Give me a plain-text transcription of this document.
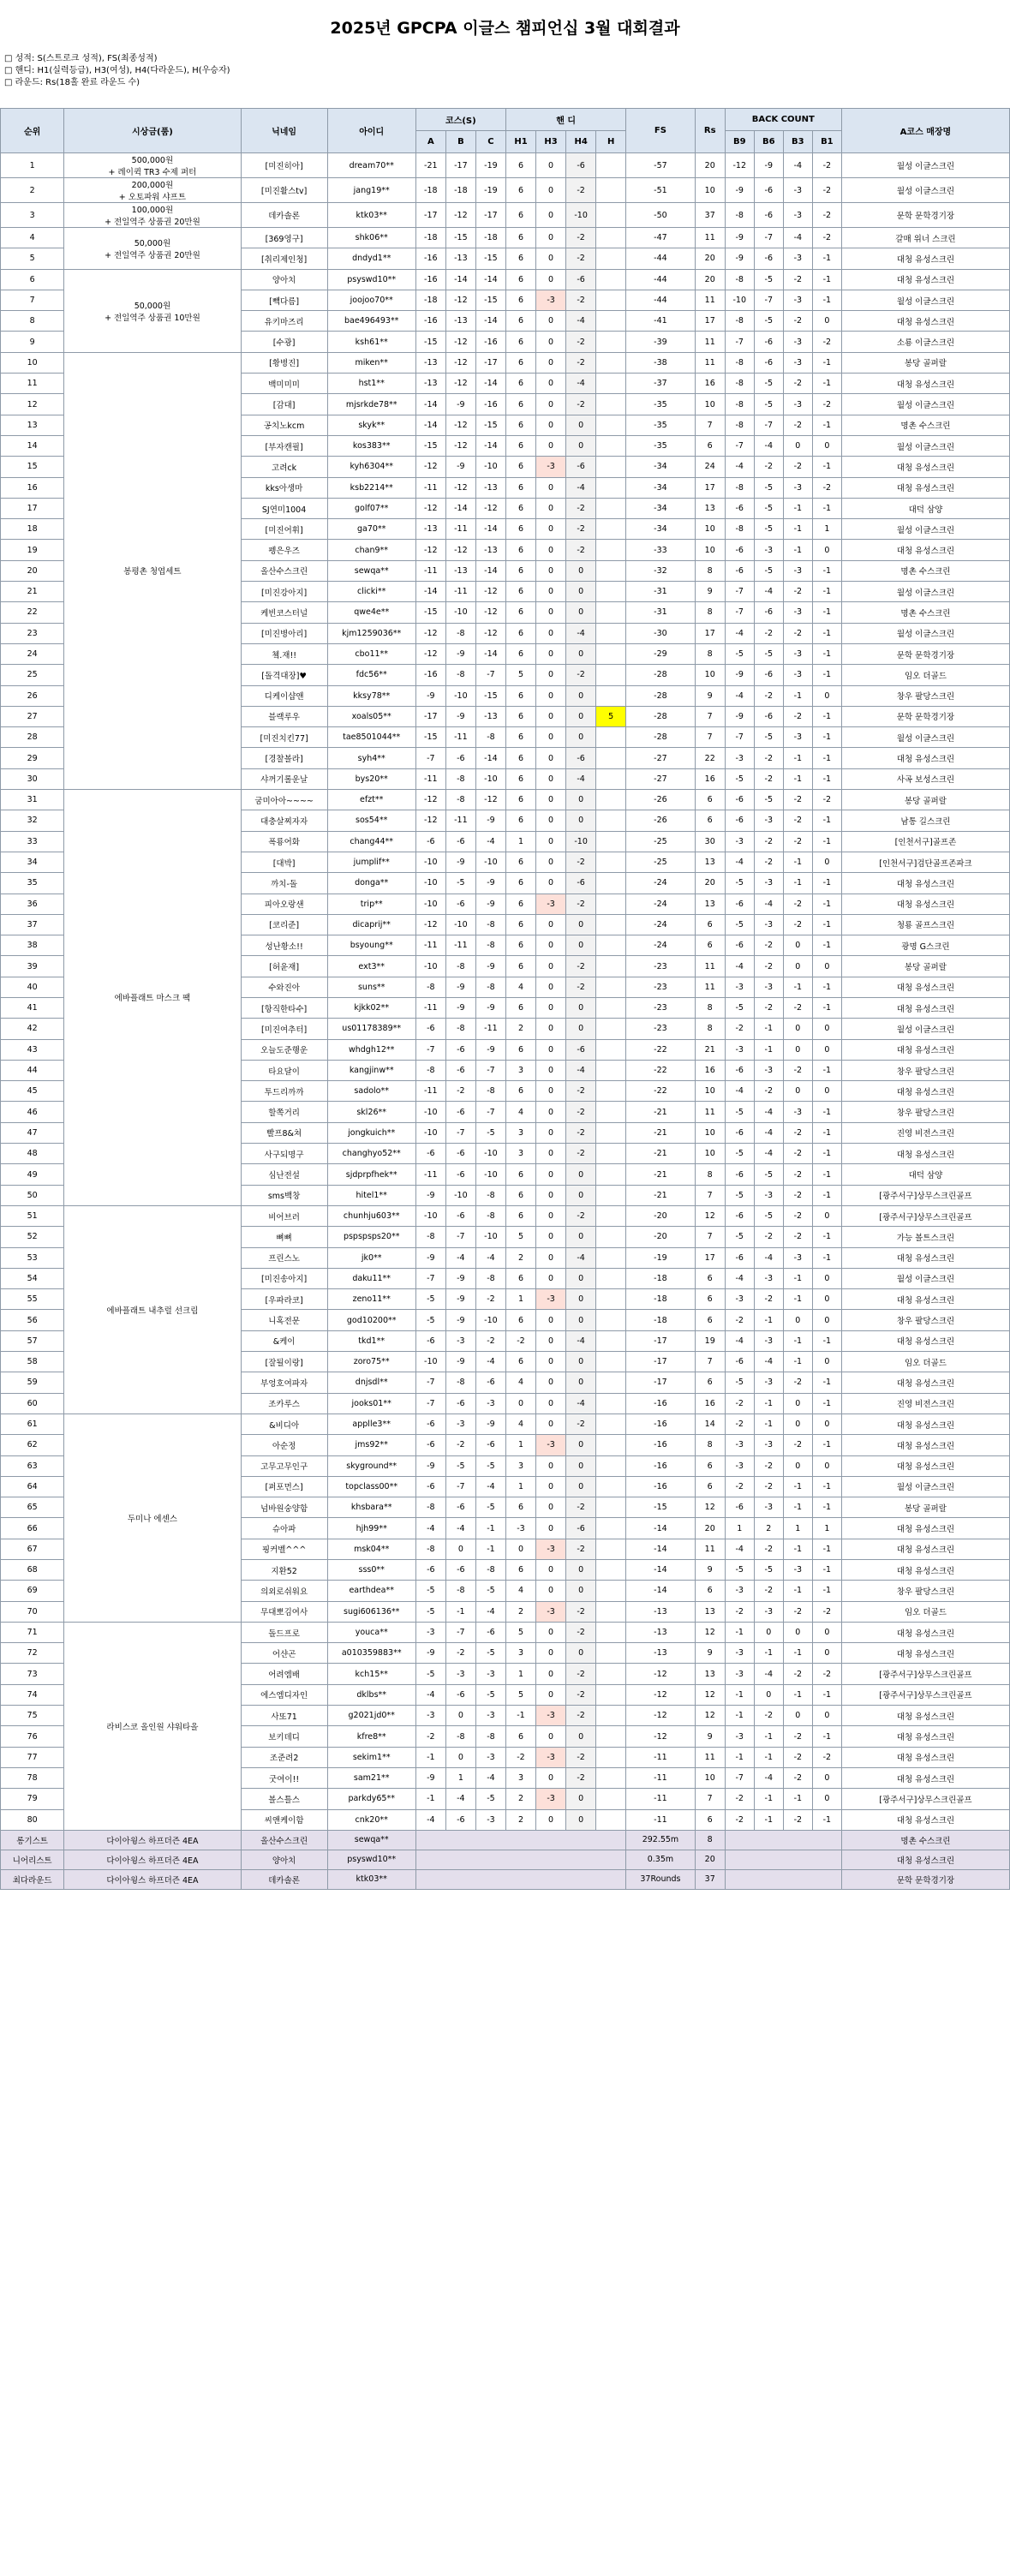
2025년 GPCPA 이글스 챔피언십 3월 대회결과
□ 성적: S(스트로크 성적), FS(최종성적)
□ 핸디: H1(실력등급), H3(여성), H4(다라운드), H(우승자)
□ 라운드: Rs(18홀 완료 라운드 수)
순위	시상금(품)	닉네임	아이디	코스(S)			핸 디				FS	Rs	BACK COUNT				A코스 매장명
				A	B	C	H1	H3	H4	H			B9	B6	B3	B1	
1	500,000원
+ 레이퀵 TR3 수제 퍼터	[미진히아]	dream70**	-21	-17	-19	6	0	-6		-57	20	-12	-9	-4	-2	월성 이글스크린
2	200,000원
+ 오토파워 샤프트	[미진활스tv]	jang19**	-18	-18	-19	6	0	-2		-51	10	-9	-6	-3	-2	월성 이글스크린
3	100,000원
+ 전일역주 상품권 20만원	데카솔론	ktk03**	-17	-12	-17	6	0	-10		-50	37	-8	-6	-3	-2	문학 문학경기장
4	50,000원
+ 전일역주 상품권 20만원	[369영구]	shk06**	-18	-15	-18	6	0	-2		-47	11	-9	-7	-4	-2	갈매 위너 스크린
5		[취리제인청]	dndyd1**	-16	-13	-15	6	0	-2		-44	20	-9	-6	-3	-1	대청 유성스크린
6	50,000원
+ 전일역주 상품권 10만원	양아치	psyswd10**	-16	-14	-14	6	0	-6		-44	20	-8	-5	-2	-1	대청 유성스크린
7		[빽다름]	joojoo70**	-18	-12	-15	6	-3	-2		-44	11	-10	-7	-3	-1	월성 이글스크린
8		유키마즈리	bae496493**	-16	-13	-14	6	0	-4		-41	17	-8	-5	-2	0	대청 유성스크린
9		[수광]	ksh61**	-15	-12	-16	6	0	-2		-39	11	-7	-6	-3	-2	소룡 이글스크린
10	봉평촌 청엽세트	[황병진]	miken**	-13	-12	-17	6	0	-2		-38	11	-8	-6	-3	-1	봉당 골퍼랄
11		백미미미	hst1**	-13	-12	-14	6	0	-4		-37	16	-8	-5	-2	-1	대청 유성스크린
12		[감대]	mjsrkde78**	-14	-9	-16	6	0	-2		-35	10	-8	-5	-3	-2	월성 이글스크린
13		공치노kcm	skyk**	-14	-12	-15	6	0	0		-35	7	-8	-7	-2	-1	명촌 수스크린
14		[부자캔필]	kos383**	-15	-12	-14	6	0	0		-35	6	-7	-4	0	0	월성 이글스크린
15		고려ck	kyh6304**	-12	-9	-10	6	-3	-6		-34	24	-4	-2	-2	-1	대청 유성스크린
16		kks아생마	ksb2214**	-11	-12	-13	6	0	-4		-34	17	-8	-5	-3	-2	대청 유성스크린
17		SJ연미1004	golf07**	-12	-14	-12	6	0	-2		-34	13	-6	-5	-1	-1	대덕 삼양
18		[미진어휘]	ga70**	-13	-11	-14	6	0	-2		-34	10	-8	-5	-1	1	월성 이글스크린
19		펭은우즈	chan9**	-12	-12	-13	6	0	-2		-33	10	-6	-3	-1	0	대청 유성스크린
20		올산수스크린	sewqa**	-11	-13	-14	6	0	0		-32	8	-6	-5	-3	-1	명촌 수스크린
21		[미진강아지]	clicki**	-14	-11	-12	6	0	0		-31	9	-7	-4	-2	-1	월성 이글스크린
22		케빈코스터널	qwe4e**	-15	-10	-12	6	0	0		-31	8	-7	-6	-3	-1	명촌 수스크린
23		[미진병아리]	kjm1259036**	-12	-8	-12	6	0	-4		-30	17	-4	-2	-2	-1	월성 이글스크린
24		쳌.재!!	cbo11**	-12	-9	-14	6	0	0		-29	8	-5	-5	-3	-1	문학 문학경기장
25		[돌격대장]♥	fdc56**	-16	-8	-7	5	0	-2		-28	10	-9	-6	-3	-1	임오 더골드
26		디케이샵앤	kksy78**	-9	-10	-15	6	0	0		-28	9	-4	-2	-1	0	창우 팔당스크린
27		블랙루우	xoals05**	-17	-9	-13	6	0	0	5	-28	7	-9	-6	-2	-1	문학 문학경기장
28		[미진치킨77]	tae8501044**	-15	-11	-8	6	0	0		-28	7	-7	-5	-3	-1	월성 이글스크린
29		[경찰볼라]	syh4**	-7	-6	-14	6	0	-6		-27	22	-3	-2	-1	-1	대청 유성스크린
30		샤꺼기롤운날	bys20**	-11	-8	-10	6	0	-4		-27	16	-5	-2	-1	-1	사곡 보성스크린
31	에바플래트 마스크 팩	굼미아아~~~~	efzt**	-12	-8	-12	6	0	0		-26	6	-6	-5	-2	-2	봉당 골퍼랄
32		대충살찌자자	sos54**	-12	-11	-9	6	0	0		-26	6	-6	-3	-2	-1	남통 길스크린
33		폭룡어화	chang44**	-6	-6	-4	1	0	-10		-25	30	-3	-2	-2	-1	[인천서구]골프존
34		[대박]	jumplif**	-10	-9	-10	6	0	-2		-25	13	-4	-2	-1	0	[인천서구]검단골프존파크
35		까치-돌	donga**	-10	-5	-9	6	0	-6		-24	20	-5	-3	-1	-1	대청 유성스크린
36		피아오랑샌	trip**	-10	-6	-9	6	-3	-2		-24	13	-6	-4	-2	-1	대청 유성스크린
37		[코리준]	dicaprij**	-12	-10	-8	6	0	0		-24	6	-5	-3	-2	-1	청룡 골프스크린
38		성난황소!!	bsyoung**	-11	-11	-8	6	0	0		-24	6	-6	-2	0	-1	광명 G스크린
39		[허윤재]	ext3**	-10	-8	-9	6	0	-2		-23	11	-4	-2	0	0	봉당 골퍼랄
40		수와진아	suns**	-8	-9	-8	4	0	-2		-23	11	-3	-3	-1	-1	대청 유성스크린
41		[항직한타수]	kjkk02**	-11	-9	-9	6	0	0		-23	8	-5	-2	-2	-1	대청 유성스크린
42		[미진여추터]	us01178389**	-6	-8	-11	2	0	0		-23	8	-2	-1	0	0	월성 이글스크린
43		오늘도준행운	whdgh12**	-7	-6	-9	6	0	-6		-22	21	-3	-1	0	0	대청 유성스크린
44		타요달이	kangjinw**	-8	-6	-7	3	0	-4		-22	16	-6	-3	-2	-1	창우 팔당스크린
45		투드리까까	sadolo**	-11	-2	-8	6	0	-2		-22	10	-4	-2	0	0	대청 유성스크린
46		할쪽거리	skl26**	-10	-6	-7	4	0	-2		-21	11	-5	-4	-3	-1	창우 팔당스크린
47		빨프8&쳐	jongkuich**	-10	-7	-5	3	0	-2		-21	10	-6	-4	-2	-1	진영 비전스크린
48		사구되명구	changhyo52**	-6	-6	-10	3	0	-2		-21	10	-5	-4	-2	-1	대청 유성스크린
49		심난전설	sjdprpfhek**	-11	-6	-10	6	0	0		-21	8	-6	-5	-2	-1	대덕 삼양
50		sms백창	hitel1**	-9	-10	-8	6	0	0		-21	7	-5	-3	-2	-1	[광주서구]상무스크린골프
51	에바플래트 내추럴 선크림	비어브러	chunhju603**	-10	-6	-8	6	0	-2		-20	12	-6	-5	-2	0	[광주서구]상무스크린골프
52		뼈뼈	pspspsps20**	-8	-7	-10	5	0	0		-20	7	-5	-2	-2	-1	가능 볼트스크린
53		프린스노	jk0**	-9	-4	-4	2	0	-4		-19	17	-6	-4	-3	-1	대청 유성스크린
54		[미진송아지]	daku11**	-7	-9	-8	6	0	0		-18	6	-4	-3	-1	0	월성 이글스크린
55		[우파라코]	zeno11**	-5	-9	-2	1	-3	0		-18	6	-3	-2	-1	0	대청 유성스크린
56		니혹전문	god10200**	-5	-9	-10	6	0	0		-18	6	-2	-1	0	0	창우 팔당스크린
57		&케이	tkd1**	-6	-3	-2	-2	0	-4		-17	19	-4	-3	-1	-1	대청 유성스크린
58		[잘될이랑]	zoro75**	-10	-9	-4	6	0	0		-17	7	-6	-4	-1	0	임오 더골드
59		부엉호여파자	dnjsdl**	-7	-8	-6	4	0	0		-17	6	-5	-3	-2	-1	대청 유성스크린
60		조카루스	jooks01**	-7	-6	-3	0	0	-4		-16	16	-2	-1	0	-1	진영 비전스크린
61	두미나 에센스	&비디아	applle3**	-6	-3	-9	4	0	-2		-16	14	-2	-1	0	0	대청 유성스크린
62		아순정	jms92**	-6	-2	-6	1	-3	0		-16	8	-3	-3	-2	-1	대청 유성스크린
63		고무고무인구	skyground**	-9	-5	-5	3	0	0		-16	6	-3	-2	0	0	대청 유성스크린
64		[퍼포먼스]	topclass00**	-6	-7	-4	1	0	0		-16	6	-2	-2	-1	-1	월성 이글스크린
65		넘바원숭양함	khsbara**	-8	-6	-5	6	0	-2		-15	12	-6	-3	-1	-1	봉당 골퍼랄
66		슈아파	hjh99**	-4	-4	-1	-3	0	-6		-14	20	1	2	1	1	대청 유성스크린
67		핑커벨^^^	msk04**	-8	0	-1	0	-3	-2		-14	11	-4	-2	-1	-1	대청 유성스크린
68		지환52	sss0**	-6	-6	-8	6	0	0		-14	9	-5	-5	-3	-1	대청 유성스크린
69		의외로쉬워요	earthdea**	-5	-8	-5	4	0	0		-14	6	-3	-2	-1	-1	창우 팔당스크린
70		무대뽀김여사	sugi606136**	-5	-1	-4	2	-3	-2		-13	13	-2	-3	-2	-2	임오 더골드
71	라비스코 올인원 샤워타올	돌드프로	youca**	-3	-7	-6	5	0	-2		-13	12	-1	0	0	0	대청 유성스크린
72		어샨곤	a010359883**	-9	-2	-5	3	0	0		-13	9	-3	-1	-1	0	대청 유성스크린
73		어려엠배	kch15**	-5	-3	-3	1	0	-2		-12	13	-3	-4	-2	-2	[광주서구]상무스크린골프
74		에스엠디자인	dklbs**	-4	-6	-5	5	0	-2		-12	12	-1	0	-1	-1	[광주서구]상무스크린골프
75		사또71	g2021jd0**	-3	0	-3	-1	-3	-2		-12	12	-1	-2	0	0	대청 유성스크린
76		보키데디	kfre8**	-2	-8	-8	6	0	0		-12	9	-3	-1	-2	-1	대청 유성스크린
77		조준려2	sekim1**	-1	0	-3	-2	-3	-2		-11	11	-1	-1	-2	-2	대청 유성스크린
78		굿여이!!	sam21**	-9	1	-4	3	0	-2		-11	10	-7	-4	-2	0	대청 유성스크린
79		볼스틀스	parkdy65**	-1	-4	-5	2	-3	0		-11	7	-2	-1	-1	0	[광주서구]상무스크린골프
80		씨앤케이함	cnk20**	-4	-6	-3	2	0	0		-11	6	-2	-1	-2	-1	대청 유성스크린
롱기스트	다이아윙스 하프더즌 4EA	올산수스크린	sewqa**								292.55m	8					명촌 수스크린
니어리스트	다이아윙스 하프더즌 4EA	양아치	psyswd10**								0.35m	20					대청 유성스크린
최다라운드	다이아윙스 하프더즌 4EA	데카솔론	ktk03**								37Rounds	37					문학 문학경기장
